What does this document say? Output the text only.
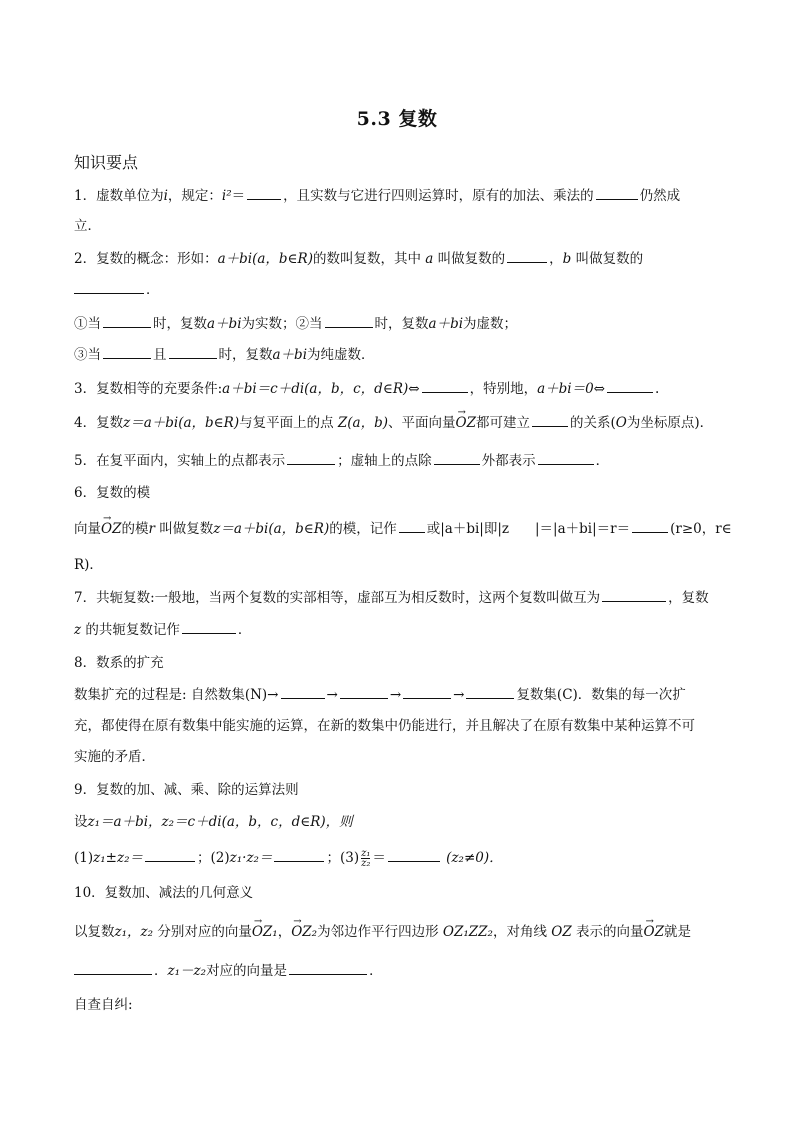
5.3 复数
知识要点
1．虚数单位为i，规定：i²＝	，且实数与它进行四则运算时，原有的加法、乘法的	仍然成
立．
2．复数的概念：形如：a＋bi(a，b∈R)的数叫复数，其中 a 叫做复数的	，b 叫做复数的
．
①当	时，复数a＋bi为实数；②当	时，复数a＋bi为虚数；
③当	且	时，复数a＋bi为纯虚数．
3．复数相等的充要条件:a＋bi＝c＋di(a，b，c，d∈R)⇔	，特别地，a＋bi＝0⇔	.
4．复数z＝a＋bi(a，b∈R)与复平面上的点 Z(a，b)、平面向量→ OZ都可建立	的关系(O为坐标原点)．
5．在复平面内，实轴上的点都表示	；虚轴上的点除	外都表示	．
6．复数的模
向量→ OZ的模r 叫做复数z＝a＋bi(a，b∈R)的模，记作 或|a＋bi|即|z |＝|a＋bi|＝r＝	(r≥0，r∈
R)．
7．共轭复数:一般地，当两个复数的实部相等，虚部互为相反数时，这两个复数叫做互为	，复数
z 的共轭复数记作	．
8．数系的扩充
数集扩充的过程是: 自然数集(N)→	→	→	→	复数集(C)．数集的每一次扩
充，都使得在原有数集中能实施的运算，在新的数集中仍能进行，并且解决了在原有数集中某种运算不可
实施的矛盾．
9．复数的加、减、乘、除的运算法则
设z₁＝a＋bi，z₂＝c＋di(a，b，c，d∈R)，则
(1)z₁±z₂＝	；(2)z₁·z₂＝	；$(3) \frac{\text{z₁}}{\text{z₂}}$ ＝	(z₂≠0)．
10．复数加、减法的几何意义
以复数z₁，z₂ 分别对应的向量→ OZ₁，→ OZ₂为邻边作平行四边形 OZ₁ZZ₂，对角线 OZ 表示的向量→ OZ就是
．z₁－z₂对应的向量是	．
自查自纠:
